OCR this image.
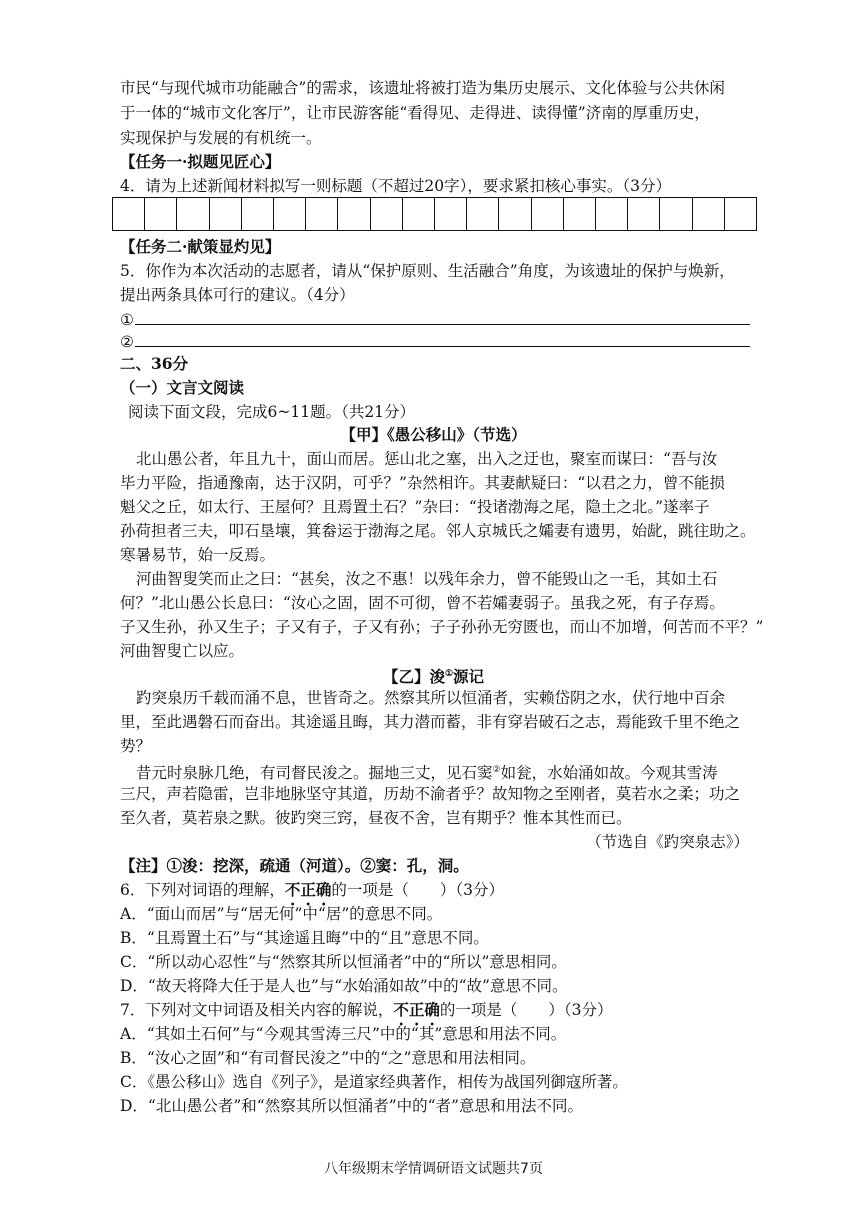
市民“与现代城市功能融合”的需求，该遗址将被打造为集历史展示、文化体验与公共休闲
于一体的“城市文化客厅”，让市民游客能“看得见、走得进、读得懂”济南的厚重历史，
实现保护与发展的有机统一。
【任务一·拟题见匠心】
4．请为上述新闻材料拟写一则标题（不超过20字），要求紧扣核心事实。（3分）
【任务二·献策显灼见】
5．你作为本次活动的志愿者，请从“保护原则、生活融合”角度，为该遗址的保护与焕新，
提出两条具体可行的建议。（4分）
①
②
二、36分
（一）文言文阅读
阅读下面文段，完成6~11题。（共21分）
【甲】《愚公移山》（节选）
北山愚公者，年且九十，面山而居。惩山北之塞，出入之迂也，聚室而谋曰：“吾与汝
毕力平险，指通豫南，达于汉阴，可乎？”杂然相许。其妻献疑曰：“以君之力，曾不能损
魁父之丘，如太行、王屋何？且焉置土石？”杂曰：“投诸渤海之尾，隐土之北。”遂率子
孙荷担者三夫，叩石垦壤，箕畚运于渤海之尾。邻人京城氏之孀妻有遗男，始龀，跳往助之。
寒暑易节，始一反焉。
河曲智叟笑而止之曰：“甚矣，汝之不惠！以残年余力，曾不能毁山之一毛，其如土石
何？”北山愚公长息曰：“汝心之固，固不可彻，曾不若孀妻弱子。虽我之死，有子存焉。
子又生孙，孙又生子；子又有子，子又有孙；子子孙孙无穷匮也，而山不加增，何苦而不平？”
河曲智叟亡以应。
【乙】浚①源记
趵突泉历千载而涌不息，世皆奇之。然察其所以恒涌者，实赖岱阴之水，伏行地中百余
里，至此遇磐石而奋出。其途遥且晦，其力潜而蓄，非有穿岩破石之志，焉能致千里不绝之
势？
昔元时泉脉几绝，有司督民浚之。掘地三丈，见石窦②如瓮，水始涌如故。今观其雪涛
三尺，声若隐雷，岂非地脉坚守其道，历劫不渝者乎？故知物之至刚者，莫若水之柔；功之
至久者，莫若泉之默。彼趵突三窍，昼夜不舍，岂有期乎？惟本其性而已。
（节选自《趵突泉志》）
【注】①浚：挖深，疏通（河道）。②窦：孔，洞。
6．下列对词语的理解，不正确的一项是（　　）（3分）
A．“面山而居”与“居无何”中“居”的意思不同。
B．“且焉置土石”与“其途遥且晦”中的“且”意思不同。
C．“所以动心忍性”与“然察其所以恒涌者”中的“所以”意思相同。
D．“故天将降大任于是人也”与“水始涌如故”中的“故”意思不同。
7．下列对文中词语及相关内容的解说，不正确的一项是（　　）（3分）
A．“其如土石何”与“今观其雪涛三尺”中的“其”意思和用法不同。
B．“汝心之固”和“有司督民浚之”中的“之”意思和用法相同。
C．《愚公移山》选自《列子》，是道家经典著作，相传为战国列御寇所著。
D．“北山愚公者”和“然察其所以恒涌者”中的“者”意思和用法不同。
八年级期末学情调研语文试题共7页
